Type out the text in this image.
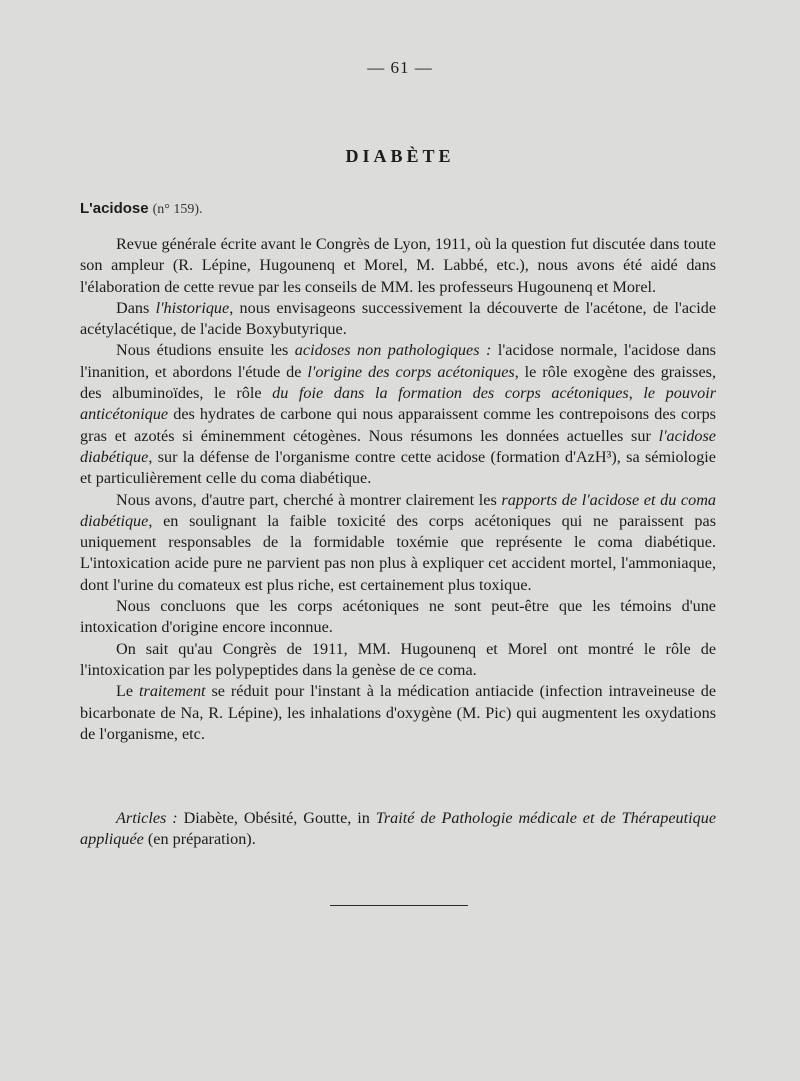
— 61 —
DIABÈTE
L'acidose (n° 159).

Revue générale écrite avant le Congrès de Lyon, 1911, où la question fut discutée dans toute son ampleur (R. Lépine, Hugounenq et Morel, M. Labbé, etc.), nous avons été aidé dans l'élaboration de cette revue par les conseils de MM. les professeurs Hugounenq et Morel.

Dans l'historique, nous envisageons successivement la découverte de l'acétone, de l'acide acétylacétique, de l'acide Boxybutyrique.

Nous étudions ensuite les acidoses non pathologiques : l'acidose normale, l'acidose dans l'inanition, et abordons l'étude de l'origine des corps acétoniques, le rôle exogène des graisses, des albuminoïdes, le rôle du foie dans la formation des corps acétoniques, le pouvoir anticétonique des hydrates de carbone qui nous apparaissent comme les contrepoisons des corps gras et azotés si éminemment cétogènes. Nous résumons les données actuelles sur l'acidose diabétique, sur la défense de l'organisme contre cette acidose (formation d'AzH³), sa sémiologie et particulièrement celle du coma diabétique.

Nous avons, d'autre part, cherché à montrer clairement les rapports de l'acidose et du coma diabétique, en soulignant la faible toxicité des corps acétoniques qui ne paraissent pas uniquement responsables de la formidable toxémie que représente le coma diabétique. L'intoxication acide pure ne parvient pas non plus à expliquer cet accident mortel, l'ammoniaque, dont l'urine du comateux est plus riche, est certainement plus toxique.

Nous concluons que les corps acétoniques ne sont peut-être que les témoins d'une intoxication d'origine encore inconnue.

On sait qu'au Congrès de 1911, MM. Hugounenq et Morel ont montré le rôle de l'intoxication par les polypeptides dans la genèse de ce coma.

Le traitement se réduit pour l'instant à la médication antiacide (infection intraveineuse de bicarbonate de Na, R. Lépine), les inhalations d'oxygène (M. Pic) qui augmentent les oxydations de l'organisme, etc.

Articles : Diabète, Obésité, Goutte, in Traité de Pathologie médicale et de Thérapeutique appliquée (en préparation).
